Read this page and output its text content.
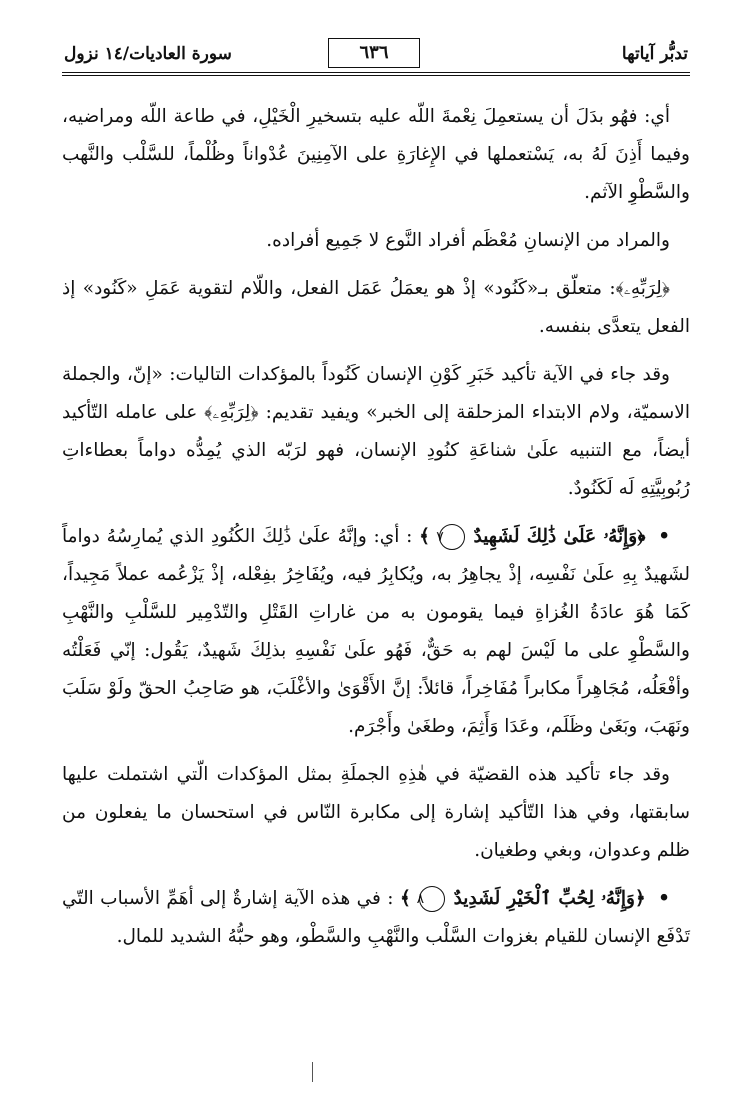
تدبُّر آياتها
٦٣٦
سورة العاديات/١٤ نزول

أي: فهُو بدَلَ أن يستعمِلَ نِعْمةَ اللّه عليه بتسخيرِ الْخَيْلِ، في طاعة اللّه ومراضيه، وفيما أَذِنَ لَهُ به، يَسْتعملها في الإِغارَةِ على الآمِنِينَ عُدْواناً وظُلْماً، للسَّلْب والنَّهب والسَّطْوِ الآثم.

والمراد من الإنسانِ مُعْظَم أفراد النَّوع لا جَمِيع أفراده.

﴿لِرَبِّهِۦ﴾: متعلّق بـ«كَنُود» إذْ هو يعمَلُ عَمَل الفعل، واللّام لتقوية عَمَلِ «كَنُود» إذ الفعل يتعدَّى بنفسه.

وقد جاء في الآية تأكيد خَبَرِ كَوْنِ الإنسان كَنُوداً بالمؤكدات التاليات: «إنّ، والجملة الاسميّة، ولام الابتداء المزحلقة إلى الخبر» ويفيد تقديم: ﴿لِرَبِّهِۦ﴾ على عامله التّأكيد أيضاً، مع التنبيه علَىٰ شناعَةِ كنُودِ الإنسان، فهو لرَبّه الذي يُمِدُّه دواماً بعطاءاتِ رُبُوبِيَّتِهِ لَه لَكَنُودٌ.

• ﴿وَإِنَّهُۥ عَلَىٰ ذَٰلِكَ لَشَهِيدٌ ٧ ﴾ : أي: وإنَّهُ علَىٰ ذَٰلِكَ الكُنُودِ الذي يُمارِسُهُ دواماً لشَهيدٌ بِهِ علَىٰ نَفْسِه، إذْ يجاهِرُ به، ويُكابِرُ فيه، ويُفَاخِرُ بفِعْله، إذْ يَزْعُمه عملاً مَجِيداً، كَمَا هُوَ عادَةُ الغُزاةِ فيما يقومون به من غاراتِ القَتْلِ والتّدْمِير للسَّلْبِ والنَّهْبِ والسَّطْوِ على ما لَيْسَ لهم به حَقٌّ، فَهُو علَىٰ نَفْسِهِ بذلِكَ شَهيدٌ، يَقُول: إنّي فَعَلْتُه وأفْعَلُه، مُجَاهِراً مكابراً مُفَاخِراً، قائلاً: إنَّ الأَقْوَىٰ والأغْلَبَ، هو صَاحِبُ الحقّ ولَوْ سَلَبَ ونَهَبَ، وبَغَىٰ وظَلَم، وعَدَا وَأَثِمَ، وطغَىٰ وأَجْرَم.

وقد جاء تأكيد هذه القضيّة في هٰذِهِ الجملَةِ بمثل المؤكدات الّتي اشتملت عليها سابقتها، وفي هذا التّأكيد إشارة إلى مكابرة النّاس في استحسان ما يفعلون من ظلم وعدوان، وبغي وطغيان.

• ﴿وَإِنَّهُۥ لِحُبِّ ٱلْخَيْرِ لَشَدِيدٌ ٨ ﴾ : في هذه الآية إشارةٌ إلى أهَمِّ الأسباب التّي تَدْفَع الإنسان للقيام بغزوات السَّلْب والنَّهْبِ والسَّطْو، وهو حبُّهُ الشديد للمال.
